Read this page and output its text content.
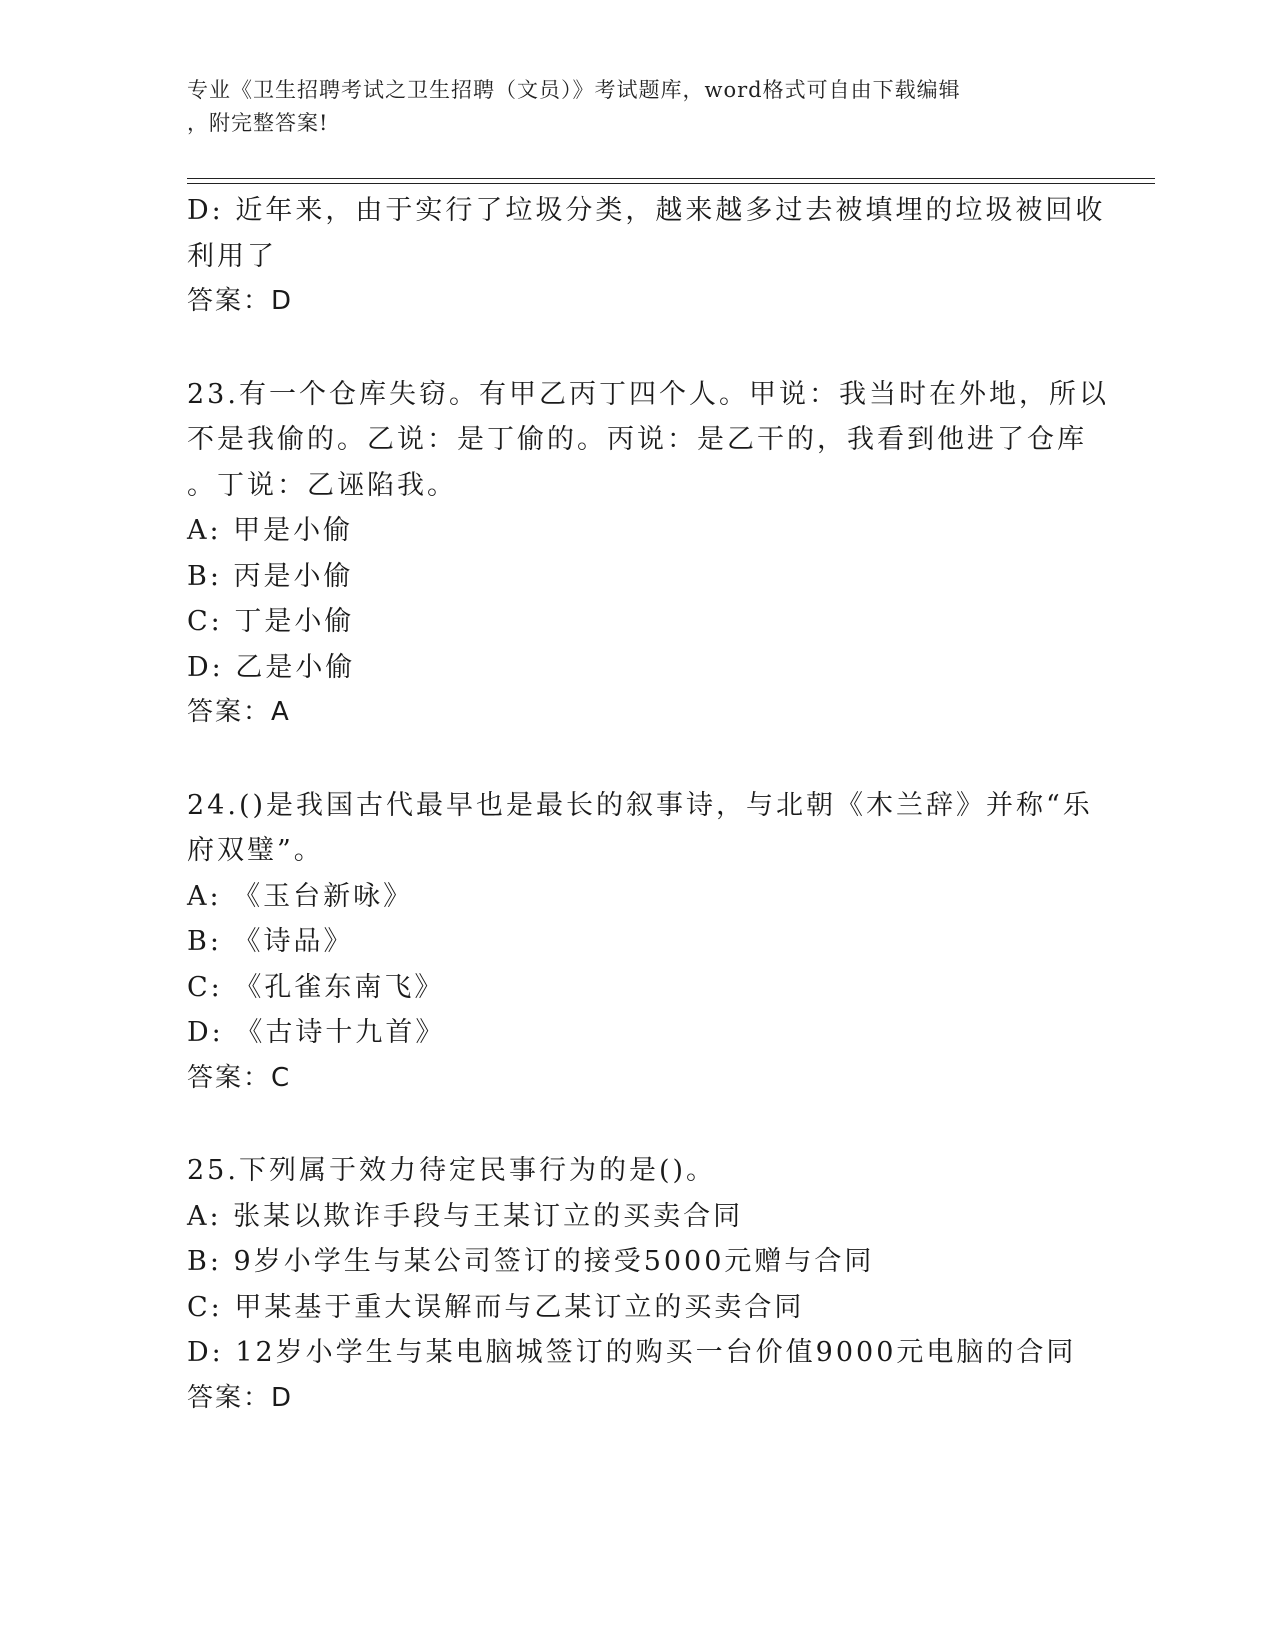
专业《卫生招聘考试之卫生招聘（文员）》考试题库，word格式可自由下载编辑
，附完整答案!
D: 近年来，由于实行了垃圾分类，越来越多过去被填埋的垃圾被回收
利用了
答案：D
23.有一个仓库失窃。有甲乙丙丁四个人。甲说：我当时在外地，所以
不是我偷的。乙说：是丁偷的。丙说：是乙干的，我看到他进了仓库
。丁说：乙诬陷我。
A: 甲是小偷
B: 丙是小偷
C: 丁是小偷
D: 乙是小偷
答案：A
24.()是我国古代最早也是最长的叙事诗，与北朝《木兰辞》并称“乐
府双璧”。
A: 《玉台新咏》
B: 《诗品》
C: 《孔雀东南飞》
D: 《古诗十九首》
答案：C
25.下列属于效力待定民事行为的是()。
A: 张某以欺诈手段与王某订立的买卖合同
B: 9岁小学生与某公司签订的接受5000元赠与合同
C: 甲某基于重大误解而与乙某订立的买卖合同
D: 12岁小学生与某电脑城签订的购买一台价值9000元电脑的合同
答案：D
